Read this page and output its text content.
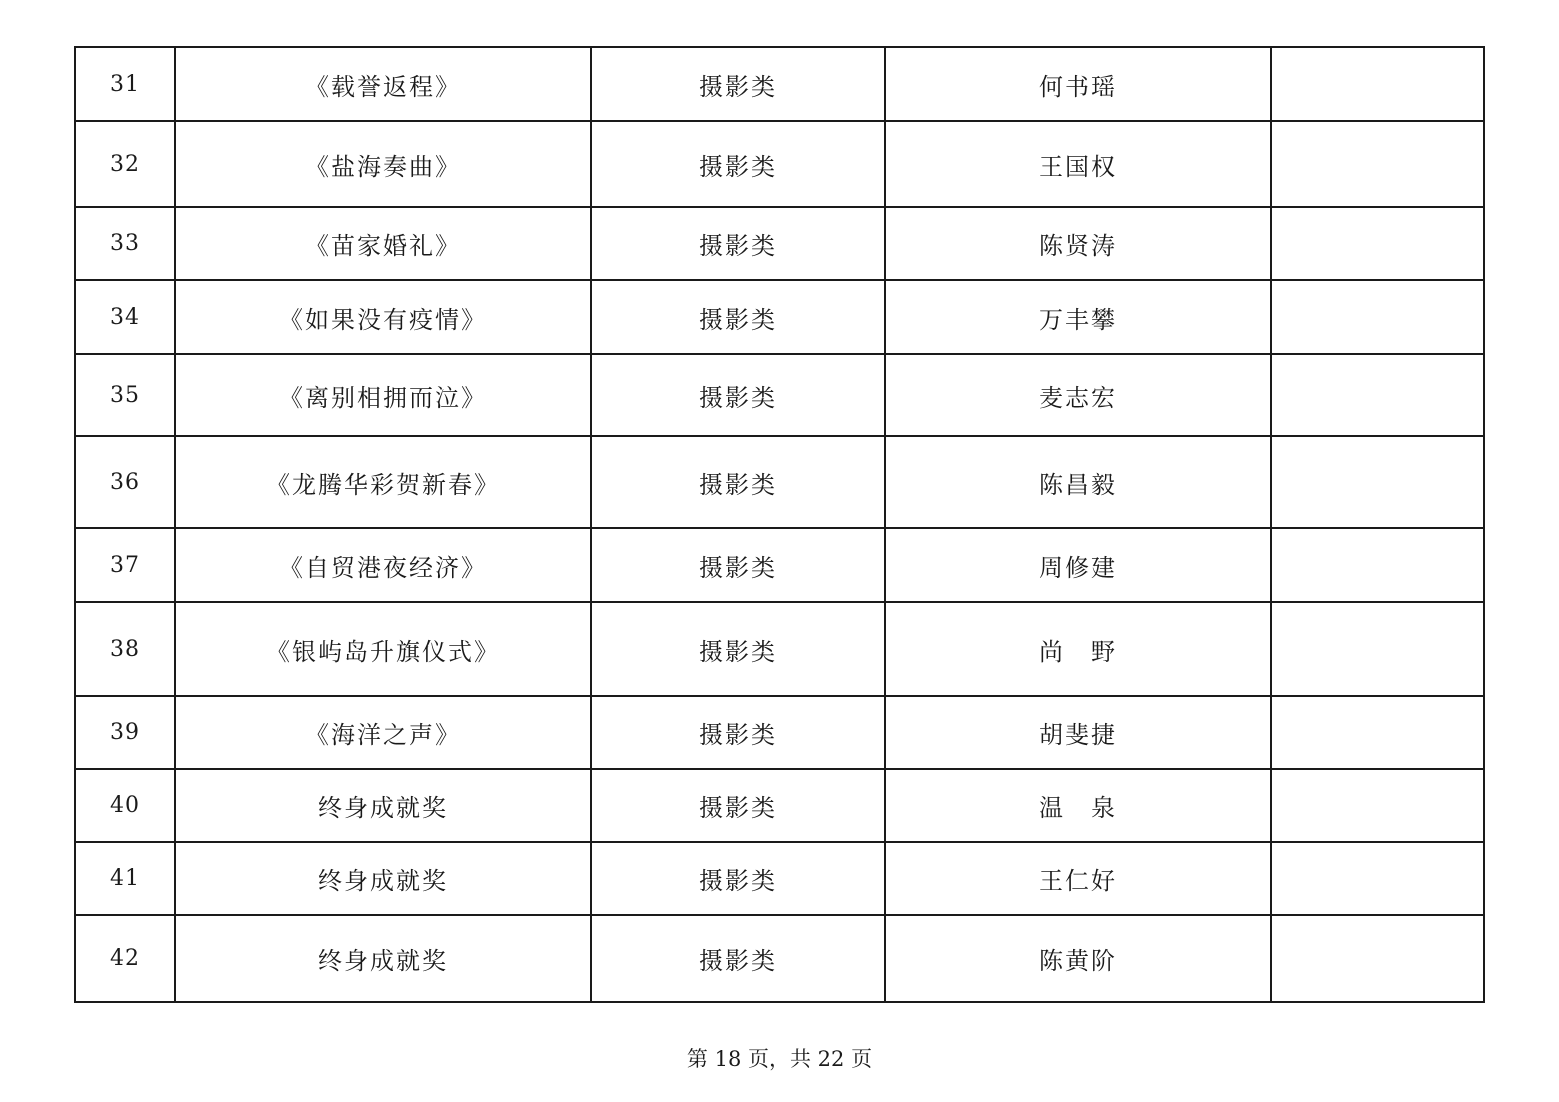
31	《载誉返程》	摄影类	何书瑶	
32	《盐海奏曲》	摄影类	王国权	
33	《苗家婚礼》	摄影类	陈贤涛	
34	《如果没有疫情》	摄影类	万丰攀	
35	《离别相拥而泣》	摄影类	麦志宏	
36	《龙腾华彩贺新春》	摄影类	陈昌毅	
37	《自贸港夜经济》	摄影类	周修建	
38	《银屿岛升旗仪式》	摄影类	尚　野	
39	《海洋之声》	摄影类	胡斐捷	
40	终身成就奖	摄影类	温　泉	
41	终身成就奖	摄影类	王仁好	
42	终身成就奖	摄影类	陈黄阶	
第 18 页，共 22 页
